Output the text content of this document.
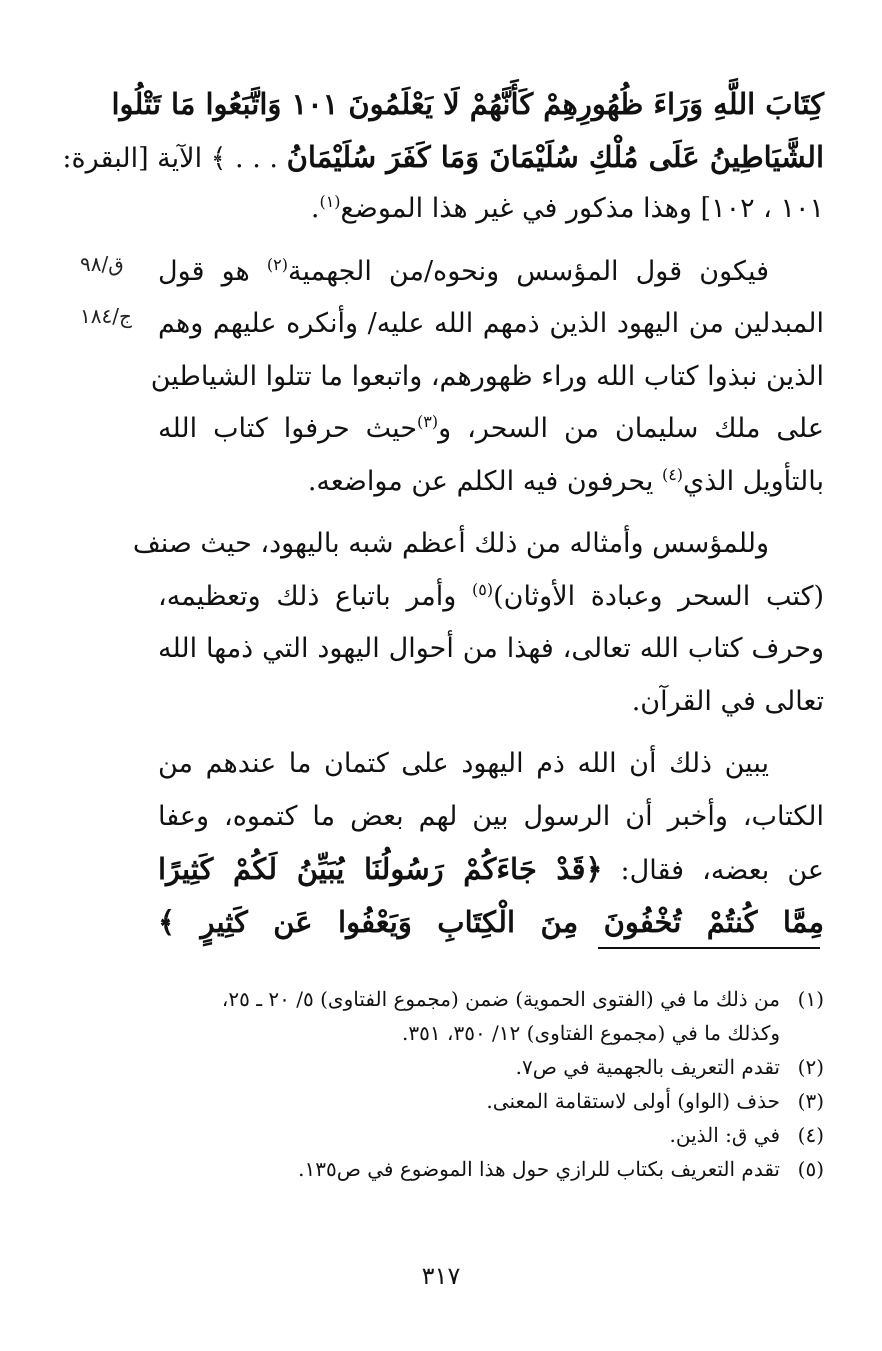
ق/٩٨
ج/١٨٤
كِتَابَ اللَّهِ وَرَاءَ ظُهُورِهِمْ كَأَنَّهُمْ لَا يَعْلَمُونَ ١٠١ وَاتَّبَعُوا مَا تَتْلُوا
الشَّيَاطِينُ عَلَى مُلْكِ سُلَيْمَانَ وَمَا كَفَرَ سُلَيْمَانُ . . . ﴾ الآية [البقرة:
١٠١ ، ١٠٢] وهذا مذكور في غير هذا الموضع$^{(١)}$.
فيكون قول المؤسس ونحوه/من الجهمية$^{(٢)}$ هو قول
المبدلين من اليهود الذين ذمهم الله عليه/ وأنكره عليهم وهم
الذين نبذوا كتاب الله وراء ظهورهم، واتبعوا ما تتلوا الشياطين
على ملك سليمان من السحر، و$^{(٣)}$حيث حرفوا كتاب الله
بالتأويل الذي$^{(٤)}$ يحرفون فيه الكلم عن مواضعه.
وللمؤسس وأمثاله من ذلك أعظم شبه باليهود، حيث صنف
(كتب السحر وعبادة الأوثان)$^{(٥)}$ وأمر باتباع ذلك وتعظيمه،
وحرف كتاب الله تعالى، فهذا من أحوال اليهود التي ذمها الله
تعالى في القرآن.
يبين ذلك أن الله ذم اليهود على كتمان ما عندهم من
الكتاب، وأخبر أن الرسول بين لهم بعض ما كتموه، وعفا
عن بعضه، فقال: ﴿قَدْ جَاءَكُمْ رَسُولُنَا يُبَيِّنُ لَكُمْ كَثِيرًا
مِمَّا كُنتُمْ تُخْفُونَ مِنَ الْكِتَابِ وَيَعْفُوا عَن كَثِيرٍ ﴾
(١)
من ذلك ما في (الفتوى الحموية) ضمن (مجموع الفتاوى) ٥/ ٢٠ ـ ٢٥،
وكذلك ما في (مجموع الفتاوى) ١٢/ ٣٥٠، ٣٥١.
(٢)
تقدم التعريف بالجهمية في ص٧.
(٣)
حذف (الواو) أولى لاستقامة المعنى.
(٤)
في ق: الذين.
(٥)
تقدم التعريف بكتاب للرازي حول هذا الموضوع في ص١٣٥.
٣١٧
